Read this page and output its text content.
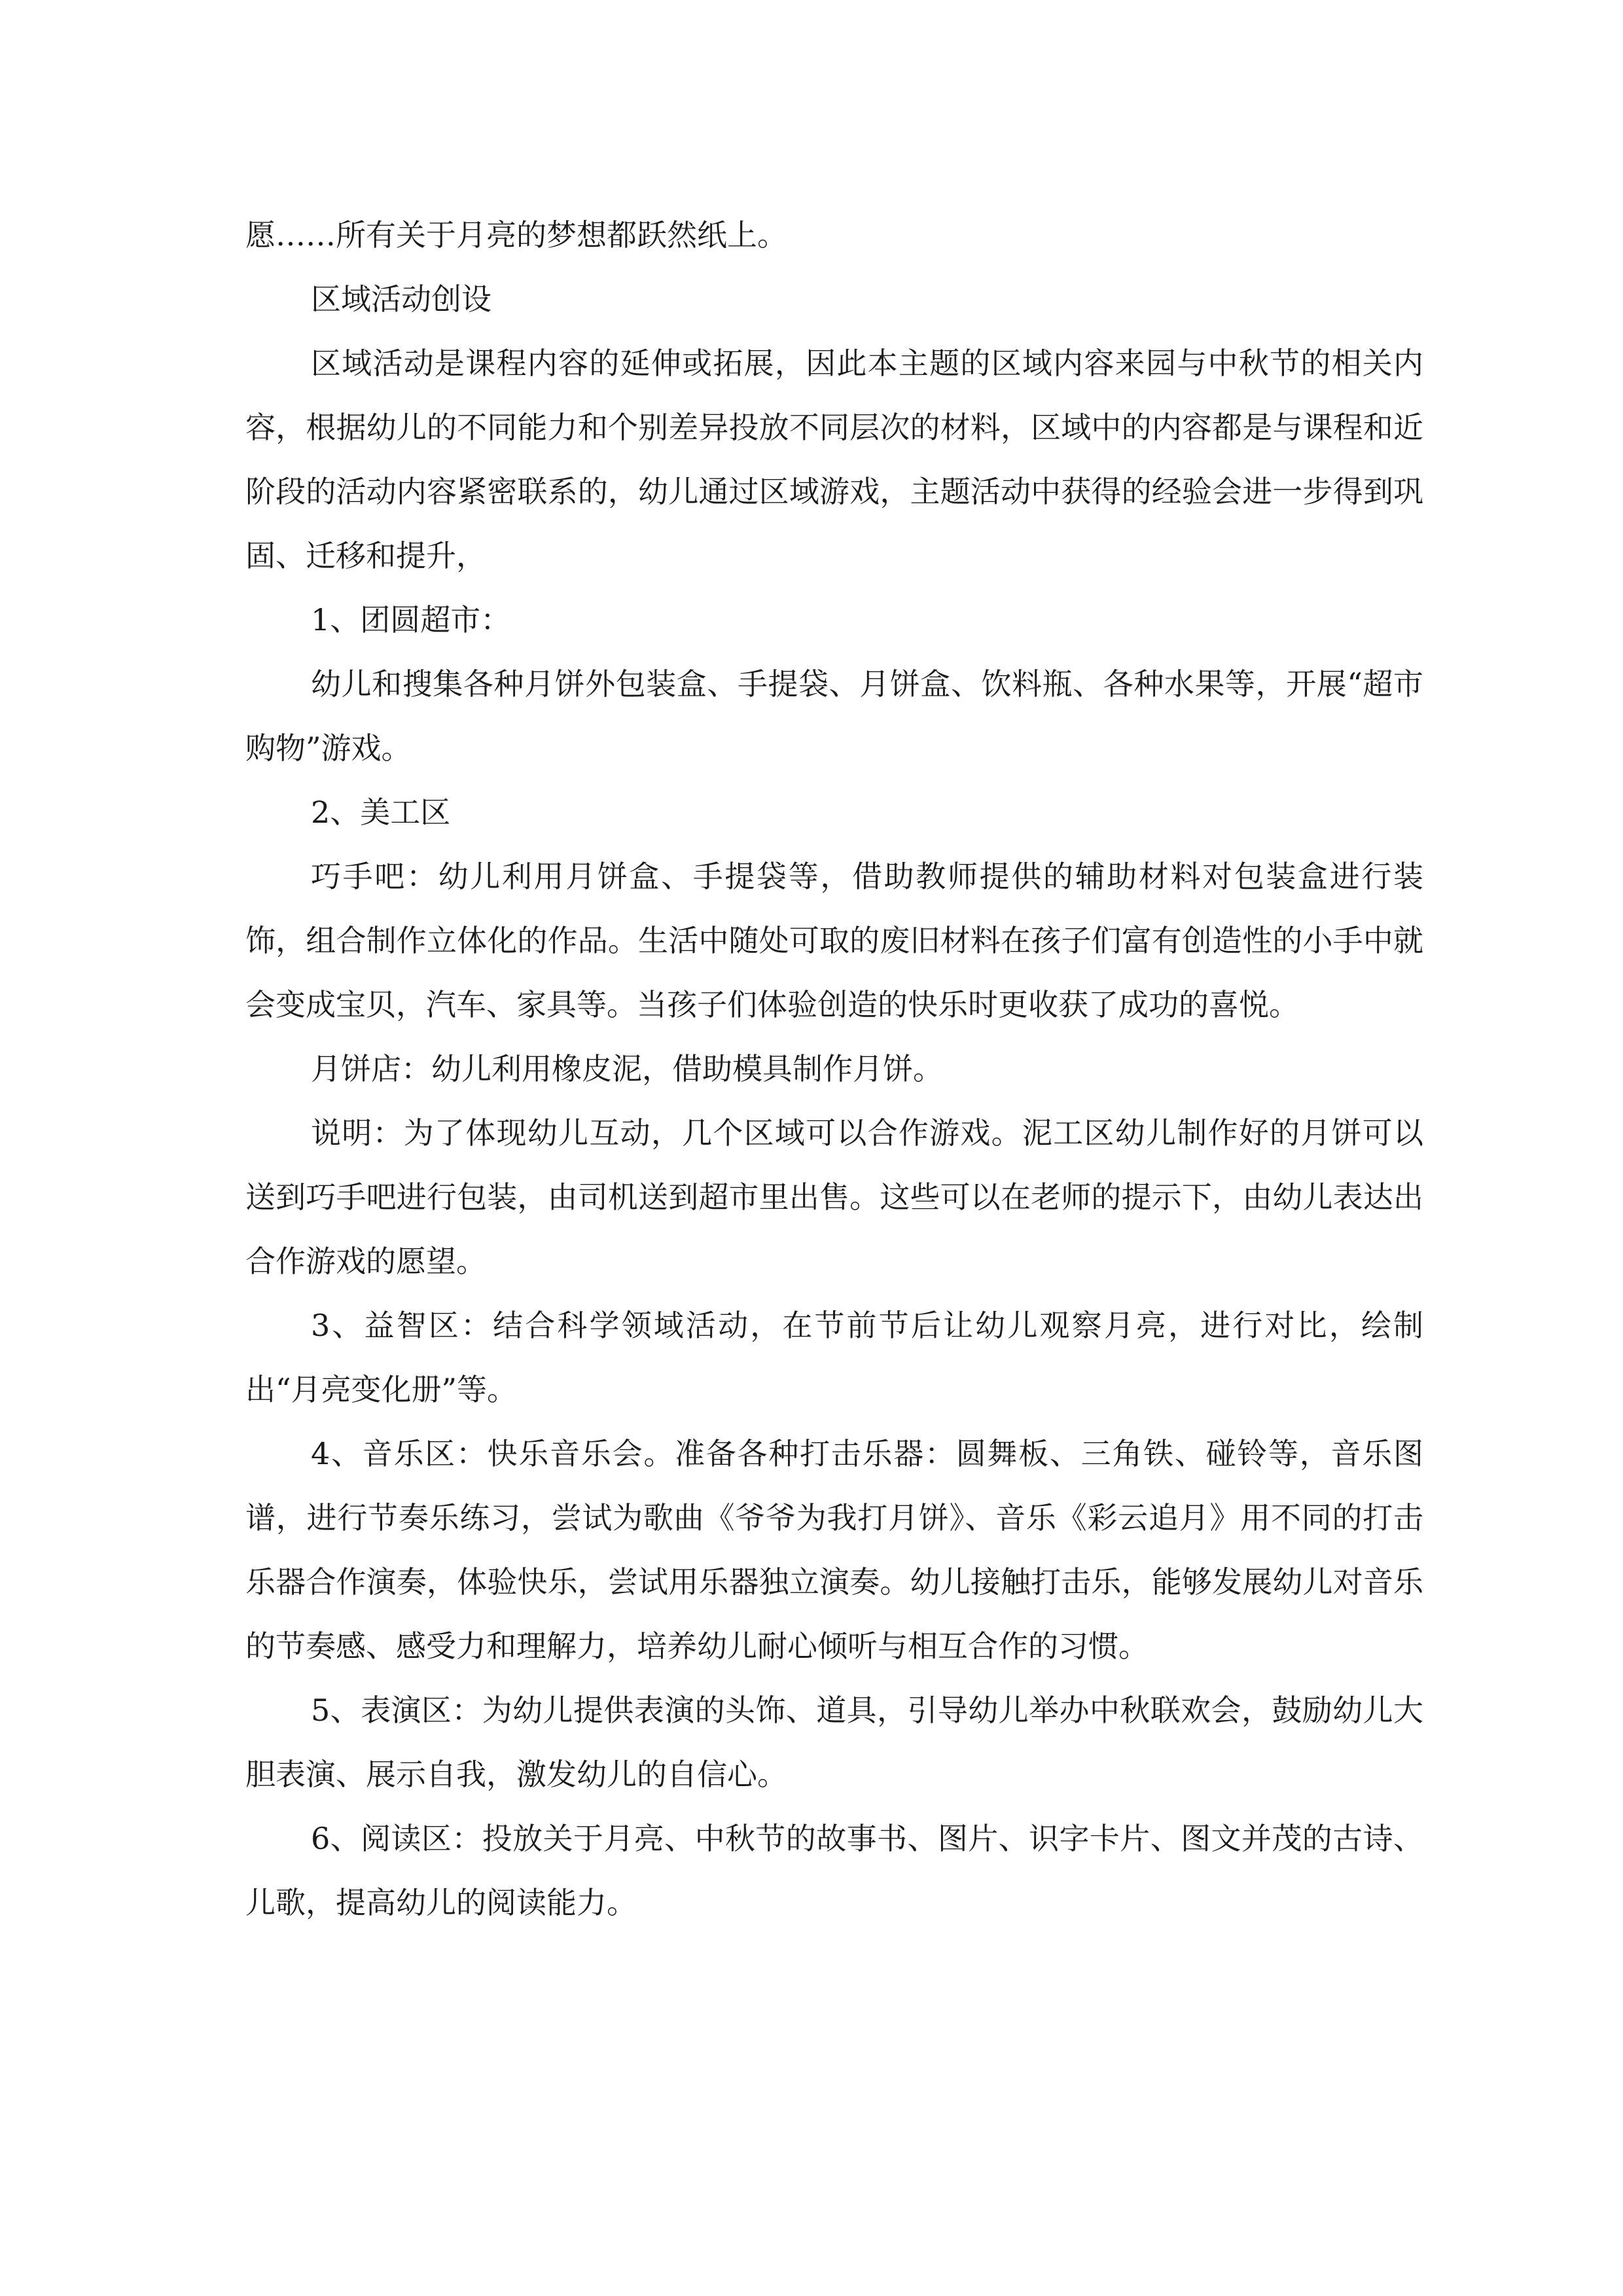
愿……所有关于月亮的梦想都跃然纸上。

区域活动创设

区域活动是课程内容的延伸或拓展，因此本主题的区域内容来园与中秋节的相关内容，根据幼儿的不同能力和个别差异投放不同层次的材料，区域中的内容都是与课程和近阶段的活动内容紧密联系的，幼儿通过区域游戏，主题活动中获得的经验会进一步得到巩固、迁移和提升，

1、团圆超市：

幼儿和搜集各种月饼外包装盒、手提袋、月饼盒、饮料瓶、各种水果等，开展“超市购物”游戏。

2、美工区

巧手吧：幼儿利用月饼盒、手提袋等，借助教师提供的辅助材料对包装盒进行装饰，组合制作立体化的作品。生活中随处可取的废旧材料在孩子们富有创造性的小手中就会变成宝贝，汽车、家具等。当孩子们体验创造的快乐时更收获了成功的喜悦。

月饼店：幼儿利用橡皮泥，借助模具制作月饼。

说明：为了体现幼儿互动，几个区域可以合作游戏。泥工区幼儿制作好的月饼可以送到巧手吧进行包装，由司机送到超市里出售。这些可以在老师的提示下，由幼儿表达出合作游戏的愿望。

3、益智区：结合科学领域活动，在节前节后让幼儿观察月亮，进行对比，绘制出“月亮变化册”等。

4、音乐区：快乐音乐会。准备各种打击乐器：圆舞板、三角铁、碰铃等，音乐图谱，进行节奏乐练习，尝试为歌曲《爷爷为我打月饼》、音乐《彩云追月》用不同的打击乐器合作演奏，体验快乐，尝试用乐器独立演奏。幼儿接触打击乐，能够发展幼儿对音乐的节奏感、感受力和理解力，培养幼儿耐心倾听与相互合作的习惯。

5、表演区：为幼儿提供表演的头饰、道具，引导幼儿举办中秋联欢会，鼓励幼儿大胆表演、展示自我，激发幼儿的自信心。

6、阅读区：投放关于月亮、中秋节的故事书、图片、识字卡片、图文并茂的古诗、儿歌，提高幼儿的阅读能力。
